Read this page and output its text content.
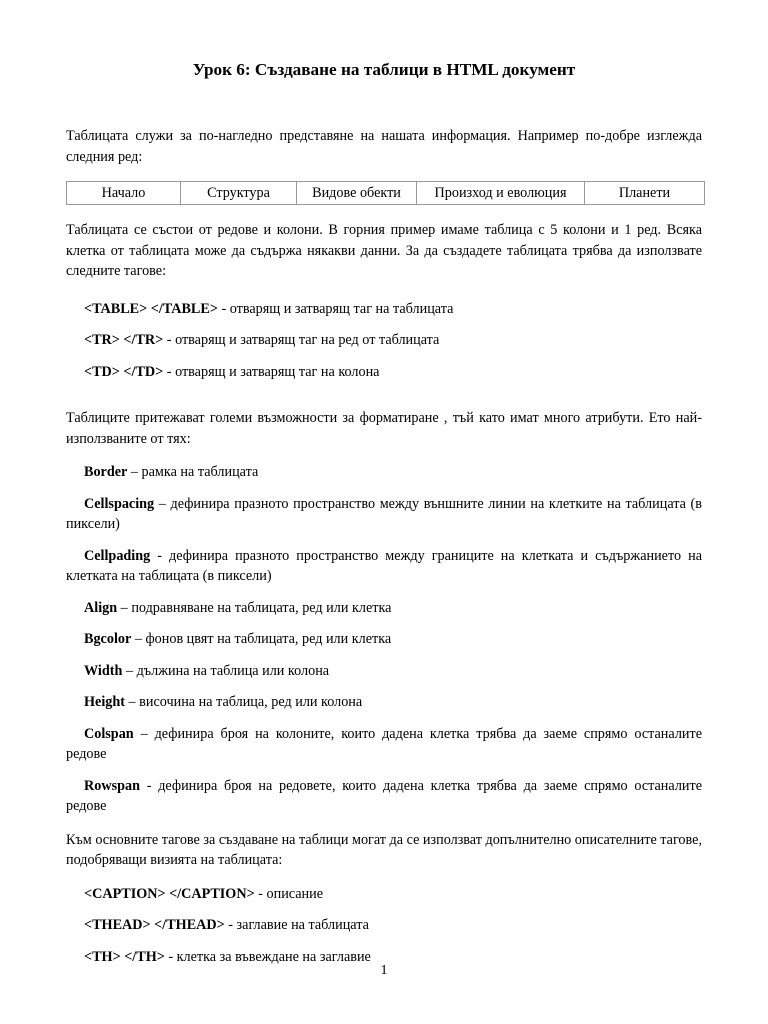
Урок 6: Създаване на таблици в HTML документ

Таблицата служи за по-нагледно представяне на нашата информация. Например по-добре изглежда следния ред:

Начало	Структура	Видове обекти	Произход и еволюция	Планети

Таблицата се състои от редове и колони. В горния пример имаме таблица с 5 колони и 1 ред. Всяка клетка от таблицата може да съдържа някакви данни. За да създадете таблицата трябва да използвате следните тагове:

<TABLE> </TABLE> - отварящ и затварящ таг на таблицата

<TR> </TR> - отварящ и затварящ таг на ред от таблицата

<TD> </TD> - отварящ и затварящ таг на колона

Таблиците притежават големи възможности за форматиране , тъй като имат много атрибути. Ето най-използваните от тях:

Border – рамка на таблицата

Cellspacing – дефинира празното пространство между външните линии на клетките на таблицата (в пиксели)

Cellpading - дефинира празното пространство между границите на клетката и съдържанието на клетката на таблицата (в пиксели)

Align – подравняване на таблицата, ред или клетка

Bgcolor – фонов цвят на таблицата, ред или клетка

Width – дължина на таблица или колона

Height – височина на таблица, ред или колона

Colspan – дефинира броя на колоните, които дадена клетка трябва да заеме спрямо останалите редове

Rowspan - дефинира броя на редовете, които дадена клетка трябва да заеме спрямо останалите редове

Към основните тагове за създаване на таблици могат да се използват допълнително описателните тагове, подобряващи визията на таблицата:

<CAPTION> </CAPTION> - описание

<THEAD> </THEAD> - заглавие на таблицата

<TH> </TH> - клетка за въвеждане на заглавие

1
